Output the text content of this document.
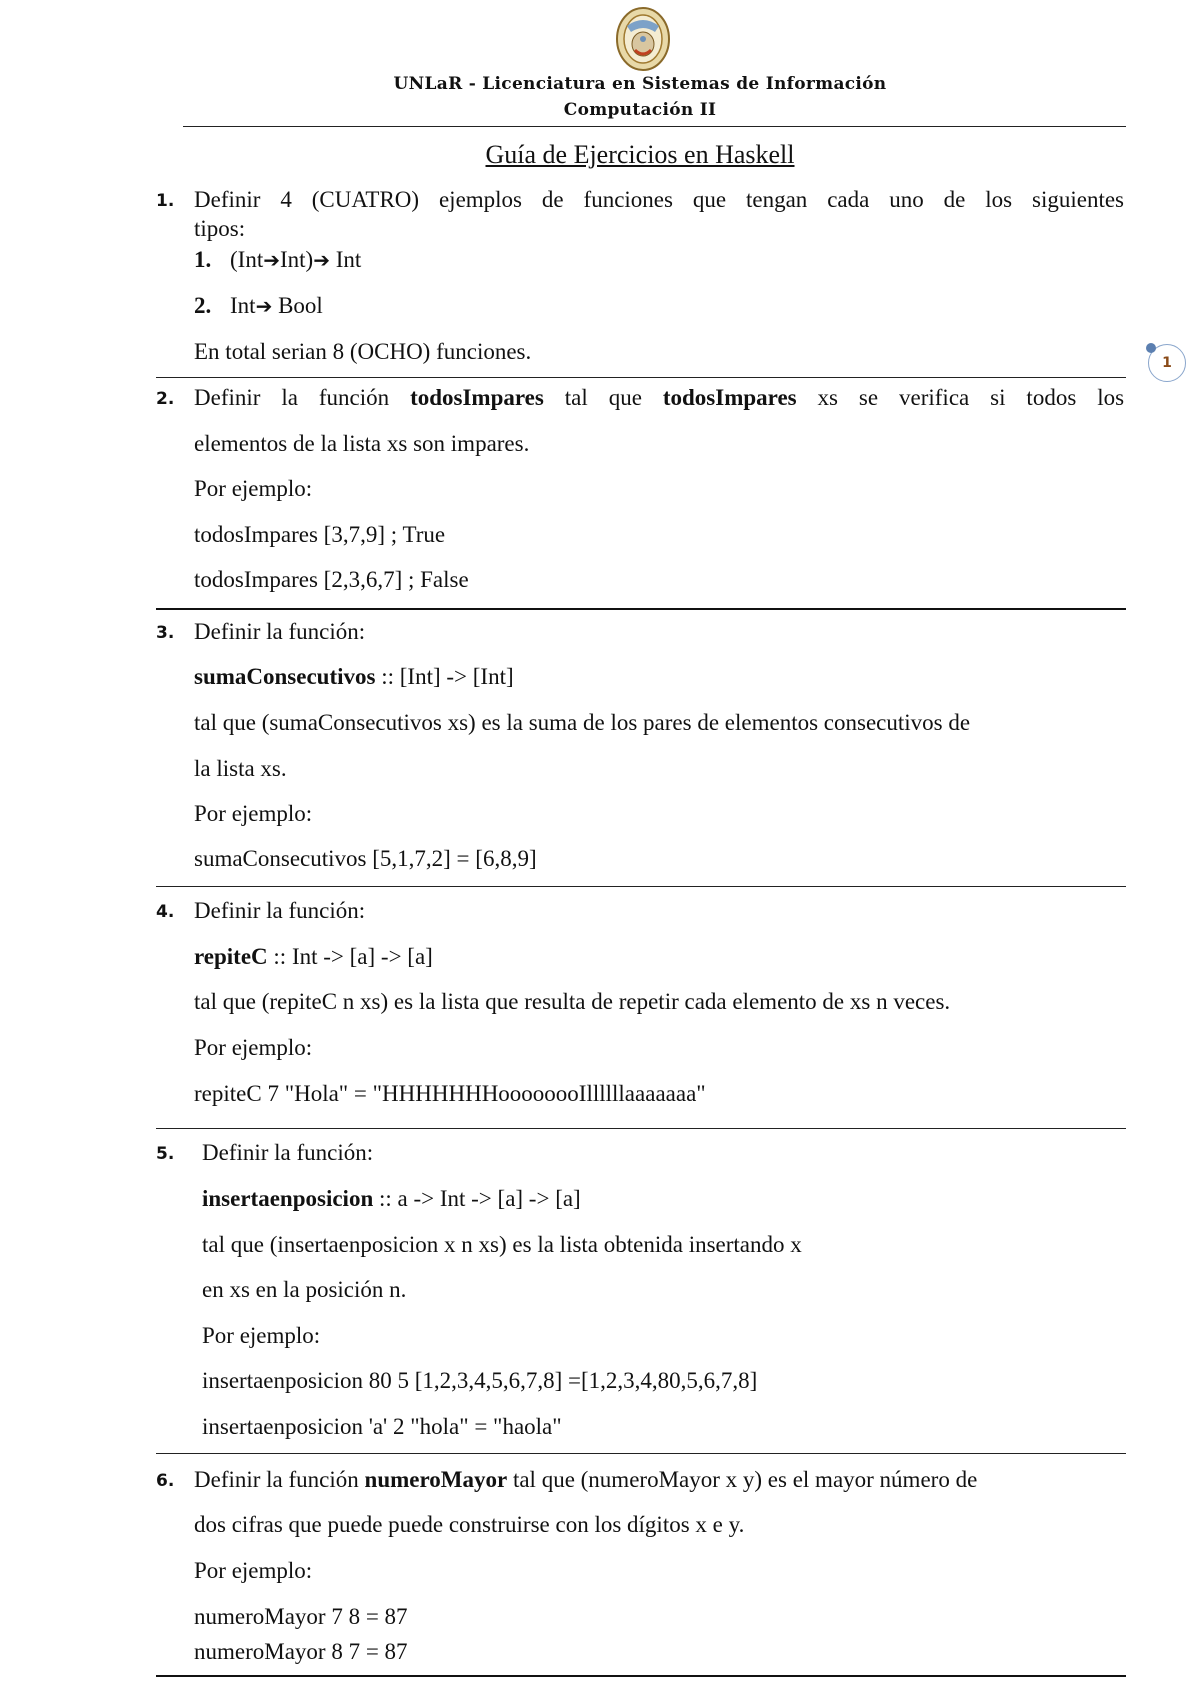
UNLaR - Licenciatura en Sistemas de Información
Computación II
Guía de Ejercicios en Haskell
1. Definir 4 (CUATRO) ejemplos de funciones que tengan cada uno de los siguientes
tipos:
1. (Int➔Int)➔ Int
2. Int➔ Bool
En total serian 8 (OCHO) funciones.	1
2. Definir la función todosImpares tal que todosImpares xs se verifica si todos los
elementos de la lista xs son impares.
Por ejemplo:
todosImpares [3,7,9] ; True
todosImpares [2,3,6,7] ; False
3. Definir la función:
sumaConsecutivos :: [Int] -> [Int]
tal que (sumaConsecutivos xs) es la suma de los pares de elementos consecutivos de
la lista xs.
Por ejemplo:
sumaConsecutivos [5,1,7,2] = [6,8,9]
4. Definir la función:
repiteC :: Int -> [a] -> [a]
tal que (repiteC n xs) es la lista que resulta de repetir cada elemento de xs n veces.
Por ejemplo:
repiteC 7 "Hola" = "HHHHHHHoooooooIllllllaaaaaaa"
5. Definir la función:
insertaenposicion :: a -> Int -> [a] -> [a]
tal que (insertaenposicion x n xs) es la lista obtenida insertando x
en xs en la posición n.
Por ejemplo:
insertaenposicion 80 5 [1,2,3,4,5,6,7,8] =[1,2,3,4,80,5,6,7,8]
insertaenposicion 'a' 2 "hola" = "haola"
6. Definir la función numeroMayor tal que (numeroMayor x y) es el mayor número de
dos cifras que puede puede construirse con los dígitos x e y.
Por ejemplo:
numeroMayor 7 8 = 87
numeroMayor 8 7 = 87
